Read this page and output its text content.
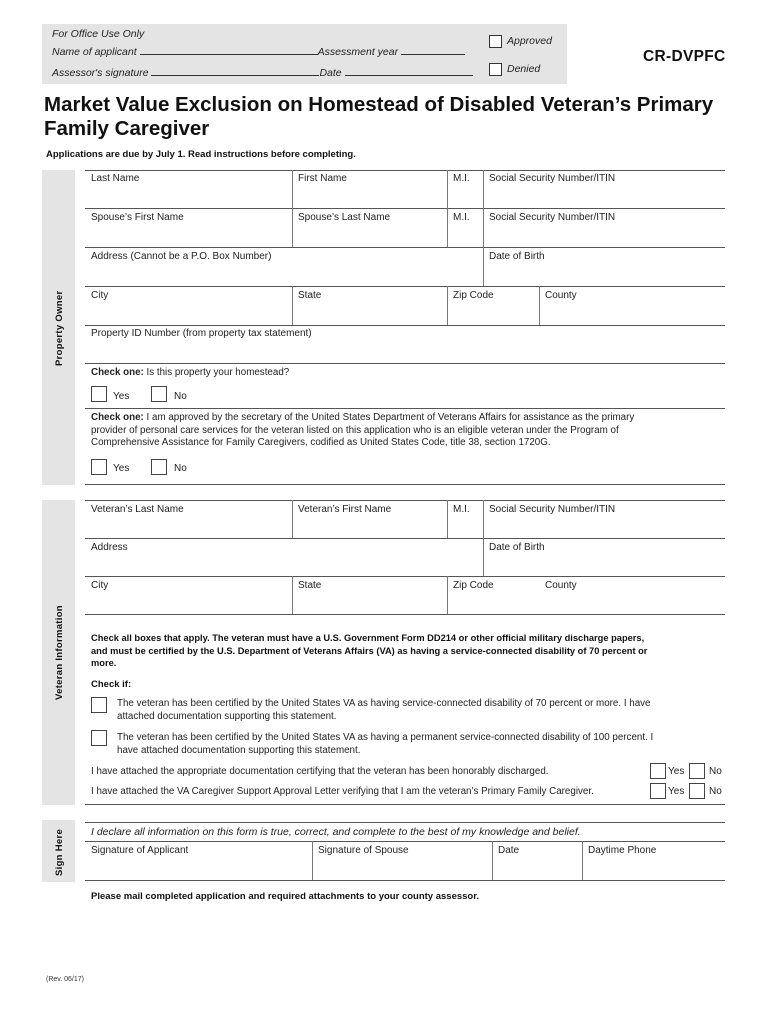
For Office Use Only
Name of applicant	Assessment year
Assessor's signature	Date
Approved
Denied
CR-DVPFC
Market Value Exclusion on Homestead of Disabled Veteran’s Primary
Family Caregiver
Applications are due by July 1. Read instructions before completing.
Property Owner
Last Name	First Name	M.I. Social Security Number/ITIN
Spouse’s First Name	Spouse’s Last Name	M.I. Social Security Number/ITIN
Address (Cannot be a P.O. Box Number)	Date of Birth
City	State	Zip Code	County
Property ID Number (from property tax statement)
Check one: Is this property your homestead?
Yes	No
Check one: I am approved by the secretary of the United States Department of Veterans Affairs for assistance as the primary
provider of personal care services for the veteran listed on this application who is an eligible veteran under the Program of
Comprehensive Assistance for Family Caregivers, codified as United States Code, title 38, section 1720G.
Yes	No
Veteran Information
Veteran’s Last Name	Veteran’s First Name	M.I. Social Security Number/ITIN
Address	Date of Birth
City	State	Zip Code	County
Check all boxes that apply. The veteran must have a U.S. Government Form DD214 or other official military discharge papers,
and must be certified by the U.S. Department of Veterans Affairs (VA) as having a service-connected disability of 70 percent or
more.
Check if:
The veteran has been certified by the United States VA as having service-connected disability of 70 percent or more. I have
attached documentation supporting this statement.
The veteran has been certified by the United States VA as having a permanent service-connected disability of 100 percent. I
have attached documentation supporting this statement.
I have attached the appropriate documentation certifying that the veteran has been honorably discharged.	Yes No
I have attached the VA Caregiver Support Approval Letter verifying that I am the veteran’s Primary Family Caregiver.	Yes No
Sign Here I declare all information on this form is true, correct, and complete to the best of my knowledge and belief.
Signature of Applicant	Signature of Spouse	Date	Daytime Phone
Please mail completed application and required attachments to your county assessor.
(Rev. 06/17)
